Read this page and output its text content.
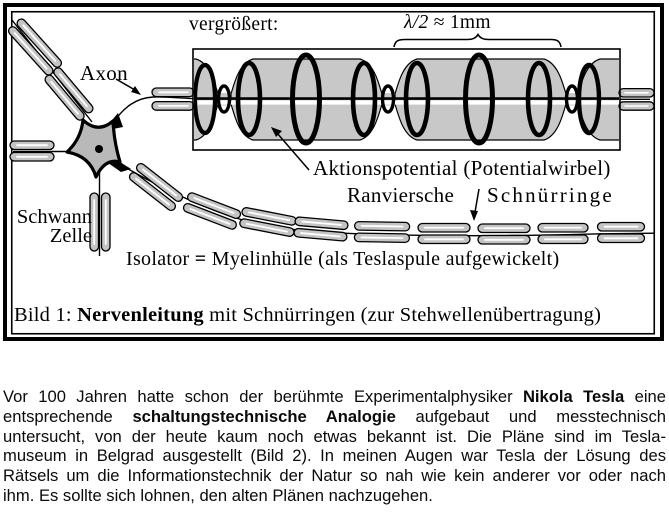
vergrößert:	λ/2 ≈ 1mm
Axon
Aktionspotential (Potentialwirbel)
Ranviersche Schnürringe
Schwann
Zelle
Isolator = Myelinhülle (als Teslaspule aufgewickelt)
Bild 1: Nervenleitung mit Schnürringen (zur Stehwellenübertragung)
Vor 100 Jahren hatte schon der berühmte Experimentalphysiker Nikola Tesla eine
entsprechende schaltungstechnische Analogie aufgebaut und messtechnisch
untersucht, von der heute kaum noch etwas bekannt ist. Die Pläne sind im Tesla-
museum in Belgrad ausgestellt (Bild 2). In meinen Augen war Tesla der Lösung des
Rätsels um die Informationstechnik der Natur so nah wie kein anderer vor oder nach
ihm. Es sollte sich lohnen, den alten Plänen nachzugehen.
